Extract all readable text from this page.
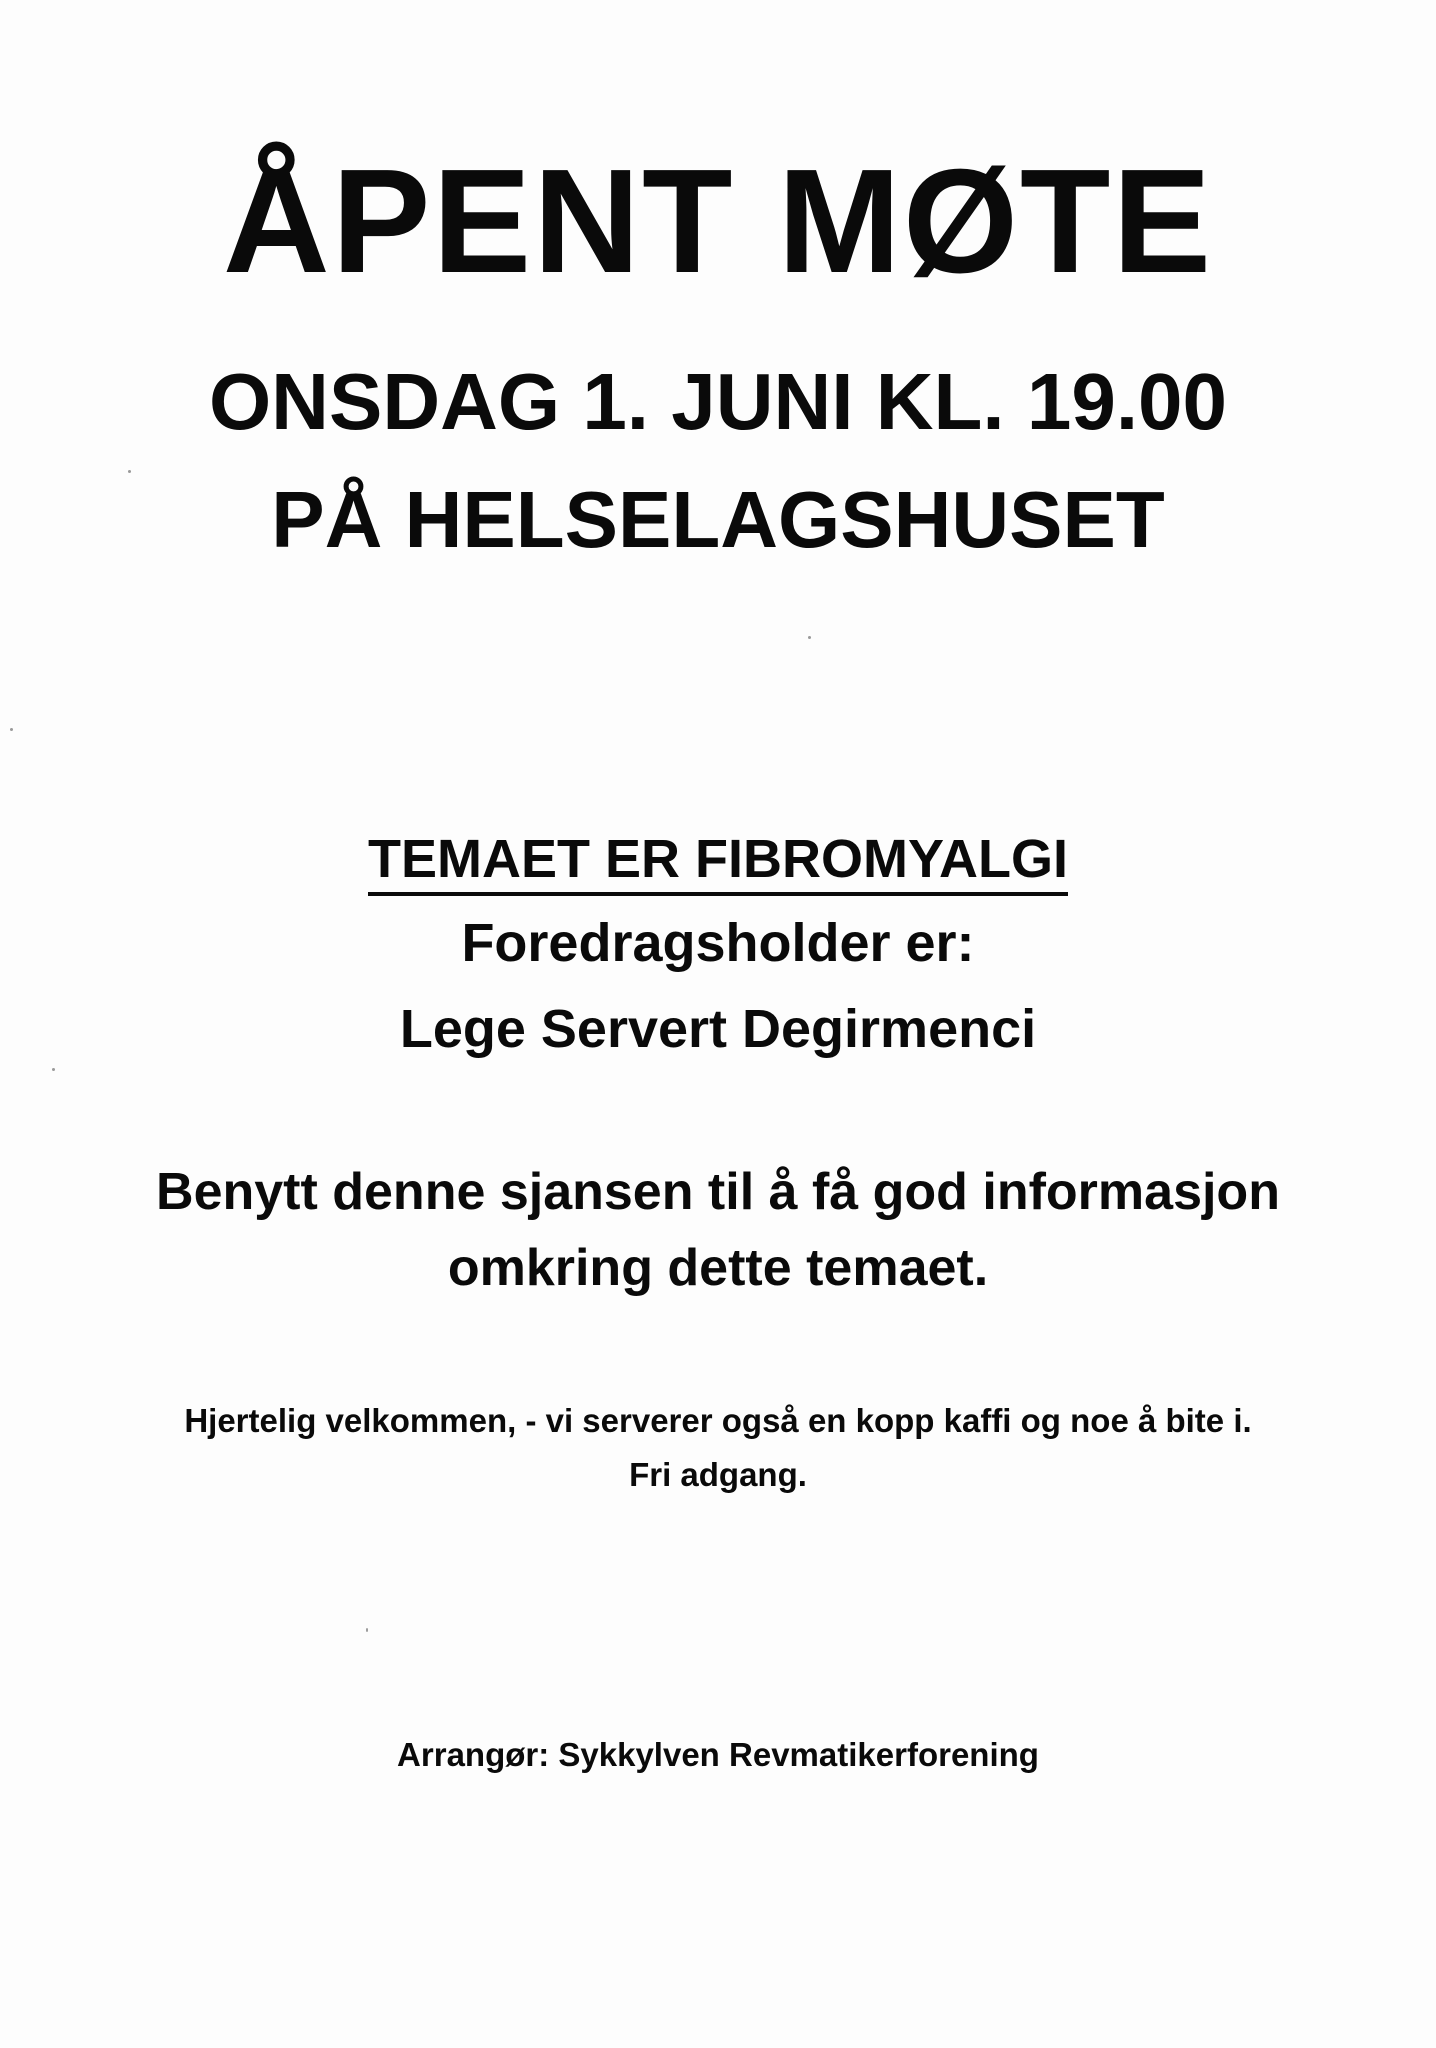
ÅPENT MØTE
ONSDAG 1. JUNI KL. 19.00
PÅ HELSELAGSHUSET
TEMAET ER FIBROMYALGI
Foredragsholder er:
Lege Servert Degirmenci
Benytt denne sjansen til å få god informasjon
omkring dette temaet.
Hjertelig velkommen, - vi serverer også en kopp kaffi og noe å bite i.
Fri adgang.
Arrangør: Sykkylven Revmatikerforening
